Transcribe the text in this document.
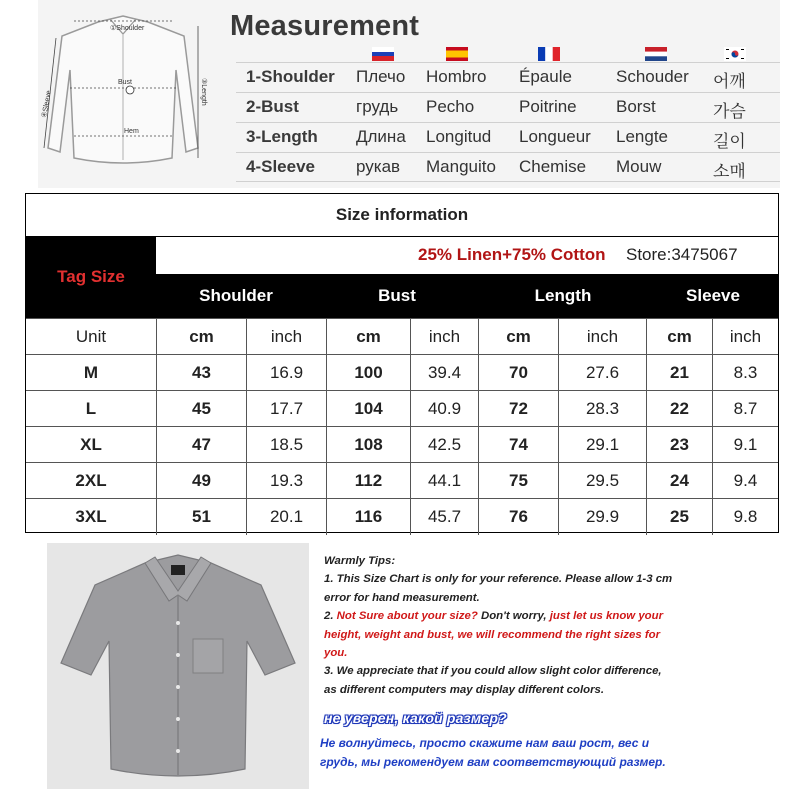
①Shoulder
Bust
Hem
③Length
④Sleeve
Measurement
1-Shoulder Плечо Hombro Épaule	Schouder 어깨
2-Bust	грудь Pecho	Poitrine Borst	가슴
3-Length Длина Longitud Longueur Lengte	길이
4-Sleeve рукав Manguito Chemise Mouw	소매
Size information
Tag Size
25% Linen+75% Cotton Store:3475067
Shoulder	Bust	Length	Sleeve
Unit	cm	inch	cm	inch	cm	inch	cm	inch
M	43	16.9	100	39.4	70	27.6	21	8.3
L	45	17.7	104	40.9	72	28.3	22	8.7
XL	47	18.5	108	42.5	74	29.1	23	9.1
2XL	49	19.3	112	44.1	75	29.5	24	9.4
3XL	51	20.1	116	45.7	76	29.9	25	9.8
Warmly Tips:
1. This Size Chart is only for your reference. Please allow 1-3 cm
error for hand measurement.
2. Not Sure about your size? Don't worry, just let us know your
height, weight and bust, we will recommend the right sizes for
you.
3. We appreciate that if you could allow slight color difference,
as different computers may display different colors.
не уверен, какой размер?
Не волнуйтесь, просто скажите нам ваш рост, вес и
грудь, мы рекомендуем вам соответствующий размер.
